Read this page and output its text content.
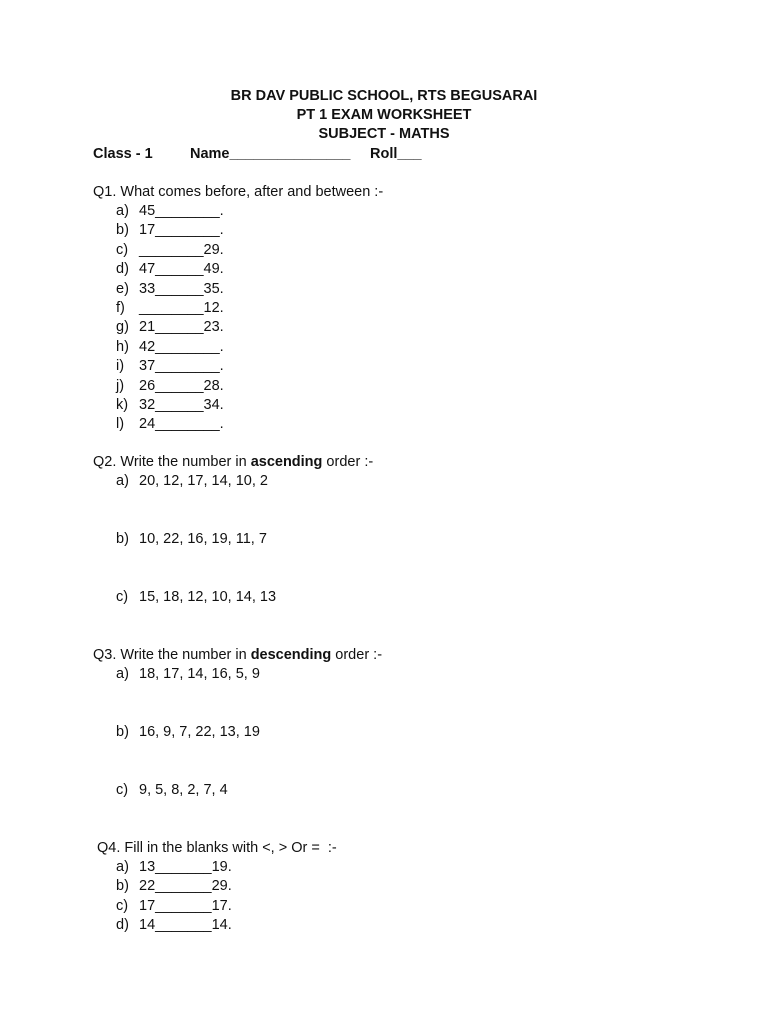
BR DAV PUBLIC SCHOOL, RTS BEGUSARAI
PT 1 EXAM WORKSHEET
SUBJECT - MATHS
Class - 1	Name_______________ Roll___
Q1. What comes before, after and between :-
a) 45________.
b) 17________.
c) ________29.
d) 47______49.
e) 33______35.
f) ________12.
g) 21______23.
h) 42________.
i) 37________.
j) 26______28.
k) 32______34.
l) 24________.
Q2. Write the number in ascending order :-
a) 20, 12, 17, 14, 10, 2
b) 10, 22, 16, 19, 11, 7
c) 15, 18, 12, 10, 14, 13
Q3. Write the number in descending order :-
a) 18, 17, 14, 16, 5, 9
b) 16, 9, 7, 22, 13, 19
c) 9, 5, 8, 2, 7, 4
Q4. Fill in the blanks with <, > Or =  :-
a) 13_______19.
b) 22_______29.
c) 17_______17.
d) 14_______14.
